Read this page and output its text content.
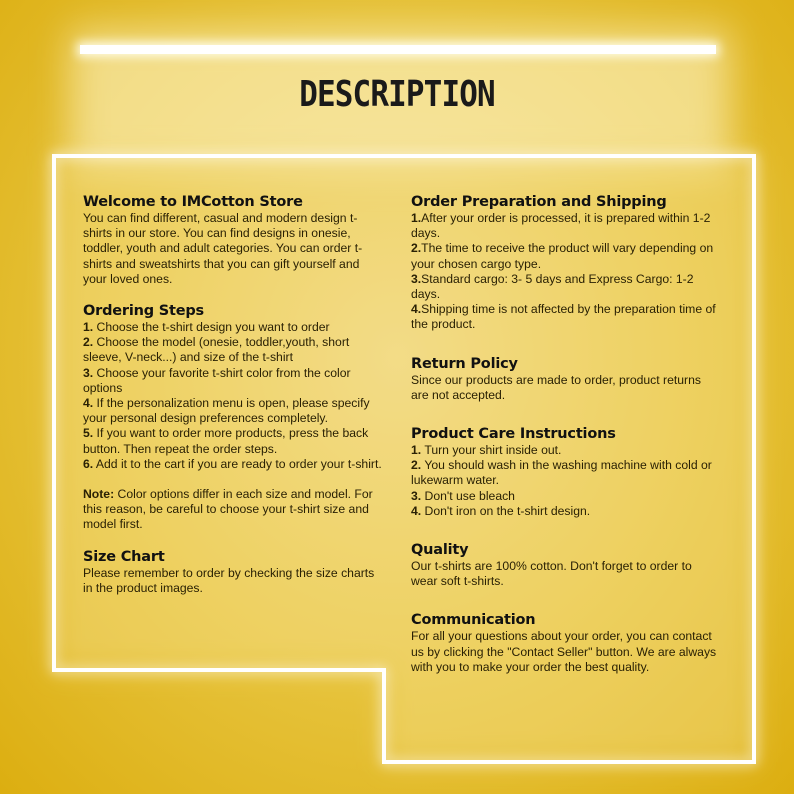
DESCRIPTION
Welcome to IMCotton Store

You can find different, casual and modern design t-shirts in our store. You can find designs in onesie, toddler, youth and adult categories. You can order t-shirts and sweatshirts that you can gift yourself and your loved ones.

Ordering Steps

1. Choose the t-shirt design you want to order

2. Choose the model (onesie, toddler,youth, short sleeve, V-neck...) and size of the t-shirt

3. Choose your favorite t-shirt color from the color options

4. If the personalization menu is open, please specify your personal design preferences completely.

5. If you want to order more products, press the back button. Then repeat the order steps.

6. Add it to the cart if you are ready to order your t-shirt.

Note: Color options differ in each size and model. For this reason, be careful to choose your t-shirt size and model first.

Size Chart

Please remember to order by checking the size charts in the product images.

Order Preparation and Shipping

1.After your order is processed, it is prepared within 1-2 days.

2.The time to receive the product will vary depending on your chosen cargo type.

3.Standard cargo: 3- 5 days and Express Cargo: 1-2 days.

4.Shipping time is not affected by the preparation time of the product.

Return Policy

Since our products are made to order, product returns are not accepted.

Product Care Instructions

1. Turn your shirt inside out.

2. You should wash in the washing machine with cold or lukewarm water.

3. Don't use bleach

4. Don't iron on the t-shirt design.

Quality

Our t-shirts are 100% cotton. Don't forget to order to wear soft t-shirts.

Communication

For all your questions about your order, you can contact us by clicking the "Contact Seller" button. We are always with you to make your order the best quality.
